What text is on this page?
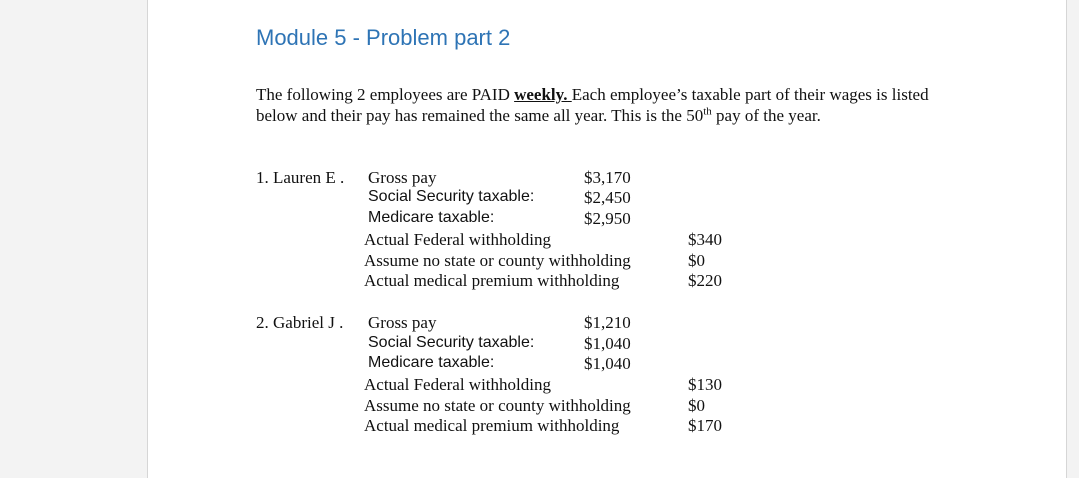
Module 5 - Problem part 2
The following 2 employees are PAID weekly. Each employee’s taxable part of their wages is listed below and their pay has remained the same all year. This is the 50th pay of the year.
1. Lauren E . Gross pay	$3,170
Social Security taxable:	$2,450
Medicare taxable:	$2,950
Actual Federal withholding	$340
Assume no state or county withholding	$0
Actual medical premium withholding	$220
2. Gabriel J . Gross pay	$1,210
Social Security taxable:	$1,040
Medicare taxable:	$1,040
Actual Federal withholding	$130
Assume no state or county withholding	$0
Actual medical premium withholding	$170
